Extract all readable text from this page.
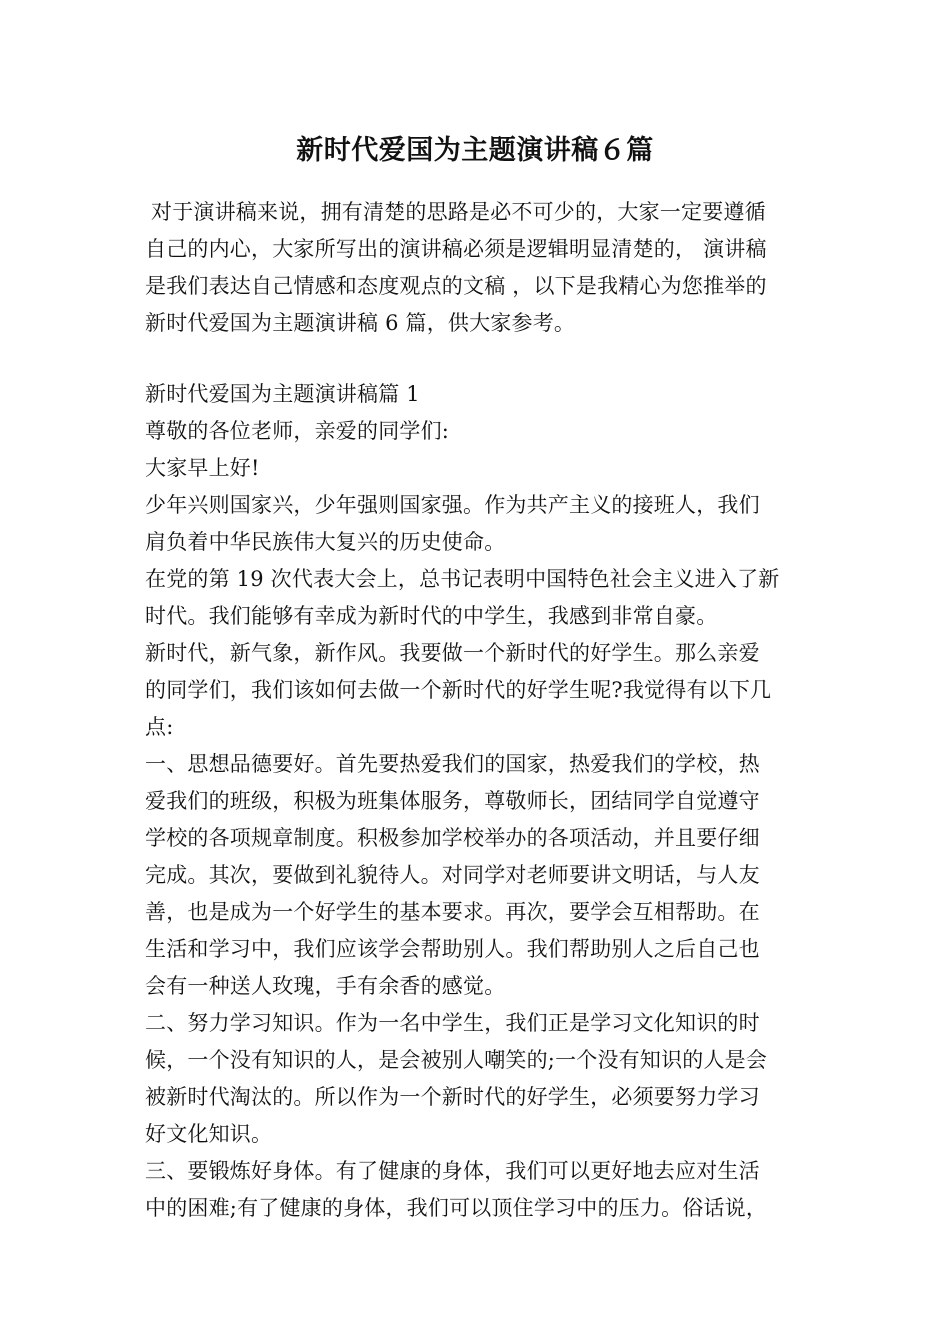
新时代爱国为主题演讲稿６篇
对于演讲稿来说，拥有清楚的思路是必不可少的，大家一定要遵循
自己的内心，大家所写出的演讲稿必须是逻辑明显清楚的， 演讲稿
是我们表达自己情感和态度观点的文稿 ，以下是我精心为您推举的
新时代爱国为主题演讲稿 6 篇，供大家参考。
新时代爱国为主题演讲稿篇 1
尊敬的各位老师，亲爱的同学们:
大家早上好!
少年兴则国家兴，少年强则国家强。作为共产主义的接班人，我们
肩负着中华民族伟大复兴的历史使命。
在党的第 19 次代表大会上，总书记表明中国特色社会主义进入了新
时代。我们能够有幸成为新时代的中学生，我感到非常自豪。
新时代，新气象，新作风。我要做一个新时代的好学生。那么亲爱
的同学们，我们该如何去做一个新时代的好学生呢?我觉得有以下几
点:
一、思想品德要好。首先要热爱我们的国家，热爱我们的学校，热
爱我们的班级，积极为班集体服务，尊敬师长，团结同学自觉遵守
学校的各项规章制度。积极参加学校举办的各项活动，并且要仔细
完成。其次，要做到礼貌待人。对同学对老师要讲文明话，与人友
善，也是成为一个好学生的基本要求。再次，要学会互相帮助。在
生活和学习中，我们应该学会帮助别人。我们帮助别人之后自己也
会有一种送人玫瑰，手有余香的感觉。
二、努力学习知识。作为一名中学生，我们正是学习文化知识的时
候，一个没有知识的人，是会被别人嘲笑的;一个没有知识的人是会
被新时代淘汰的。所以作为一个新时代的好学生，必须要努力学习
好文化知识。
三、要锻炼好身体。有了健康的身体，我们可以更好地去应对生活
中的困难;有了健康的身体，我们可以顶住学习中的压力。俗话说，
